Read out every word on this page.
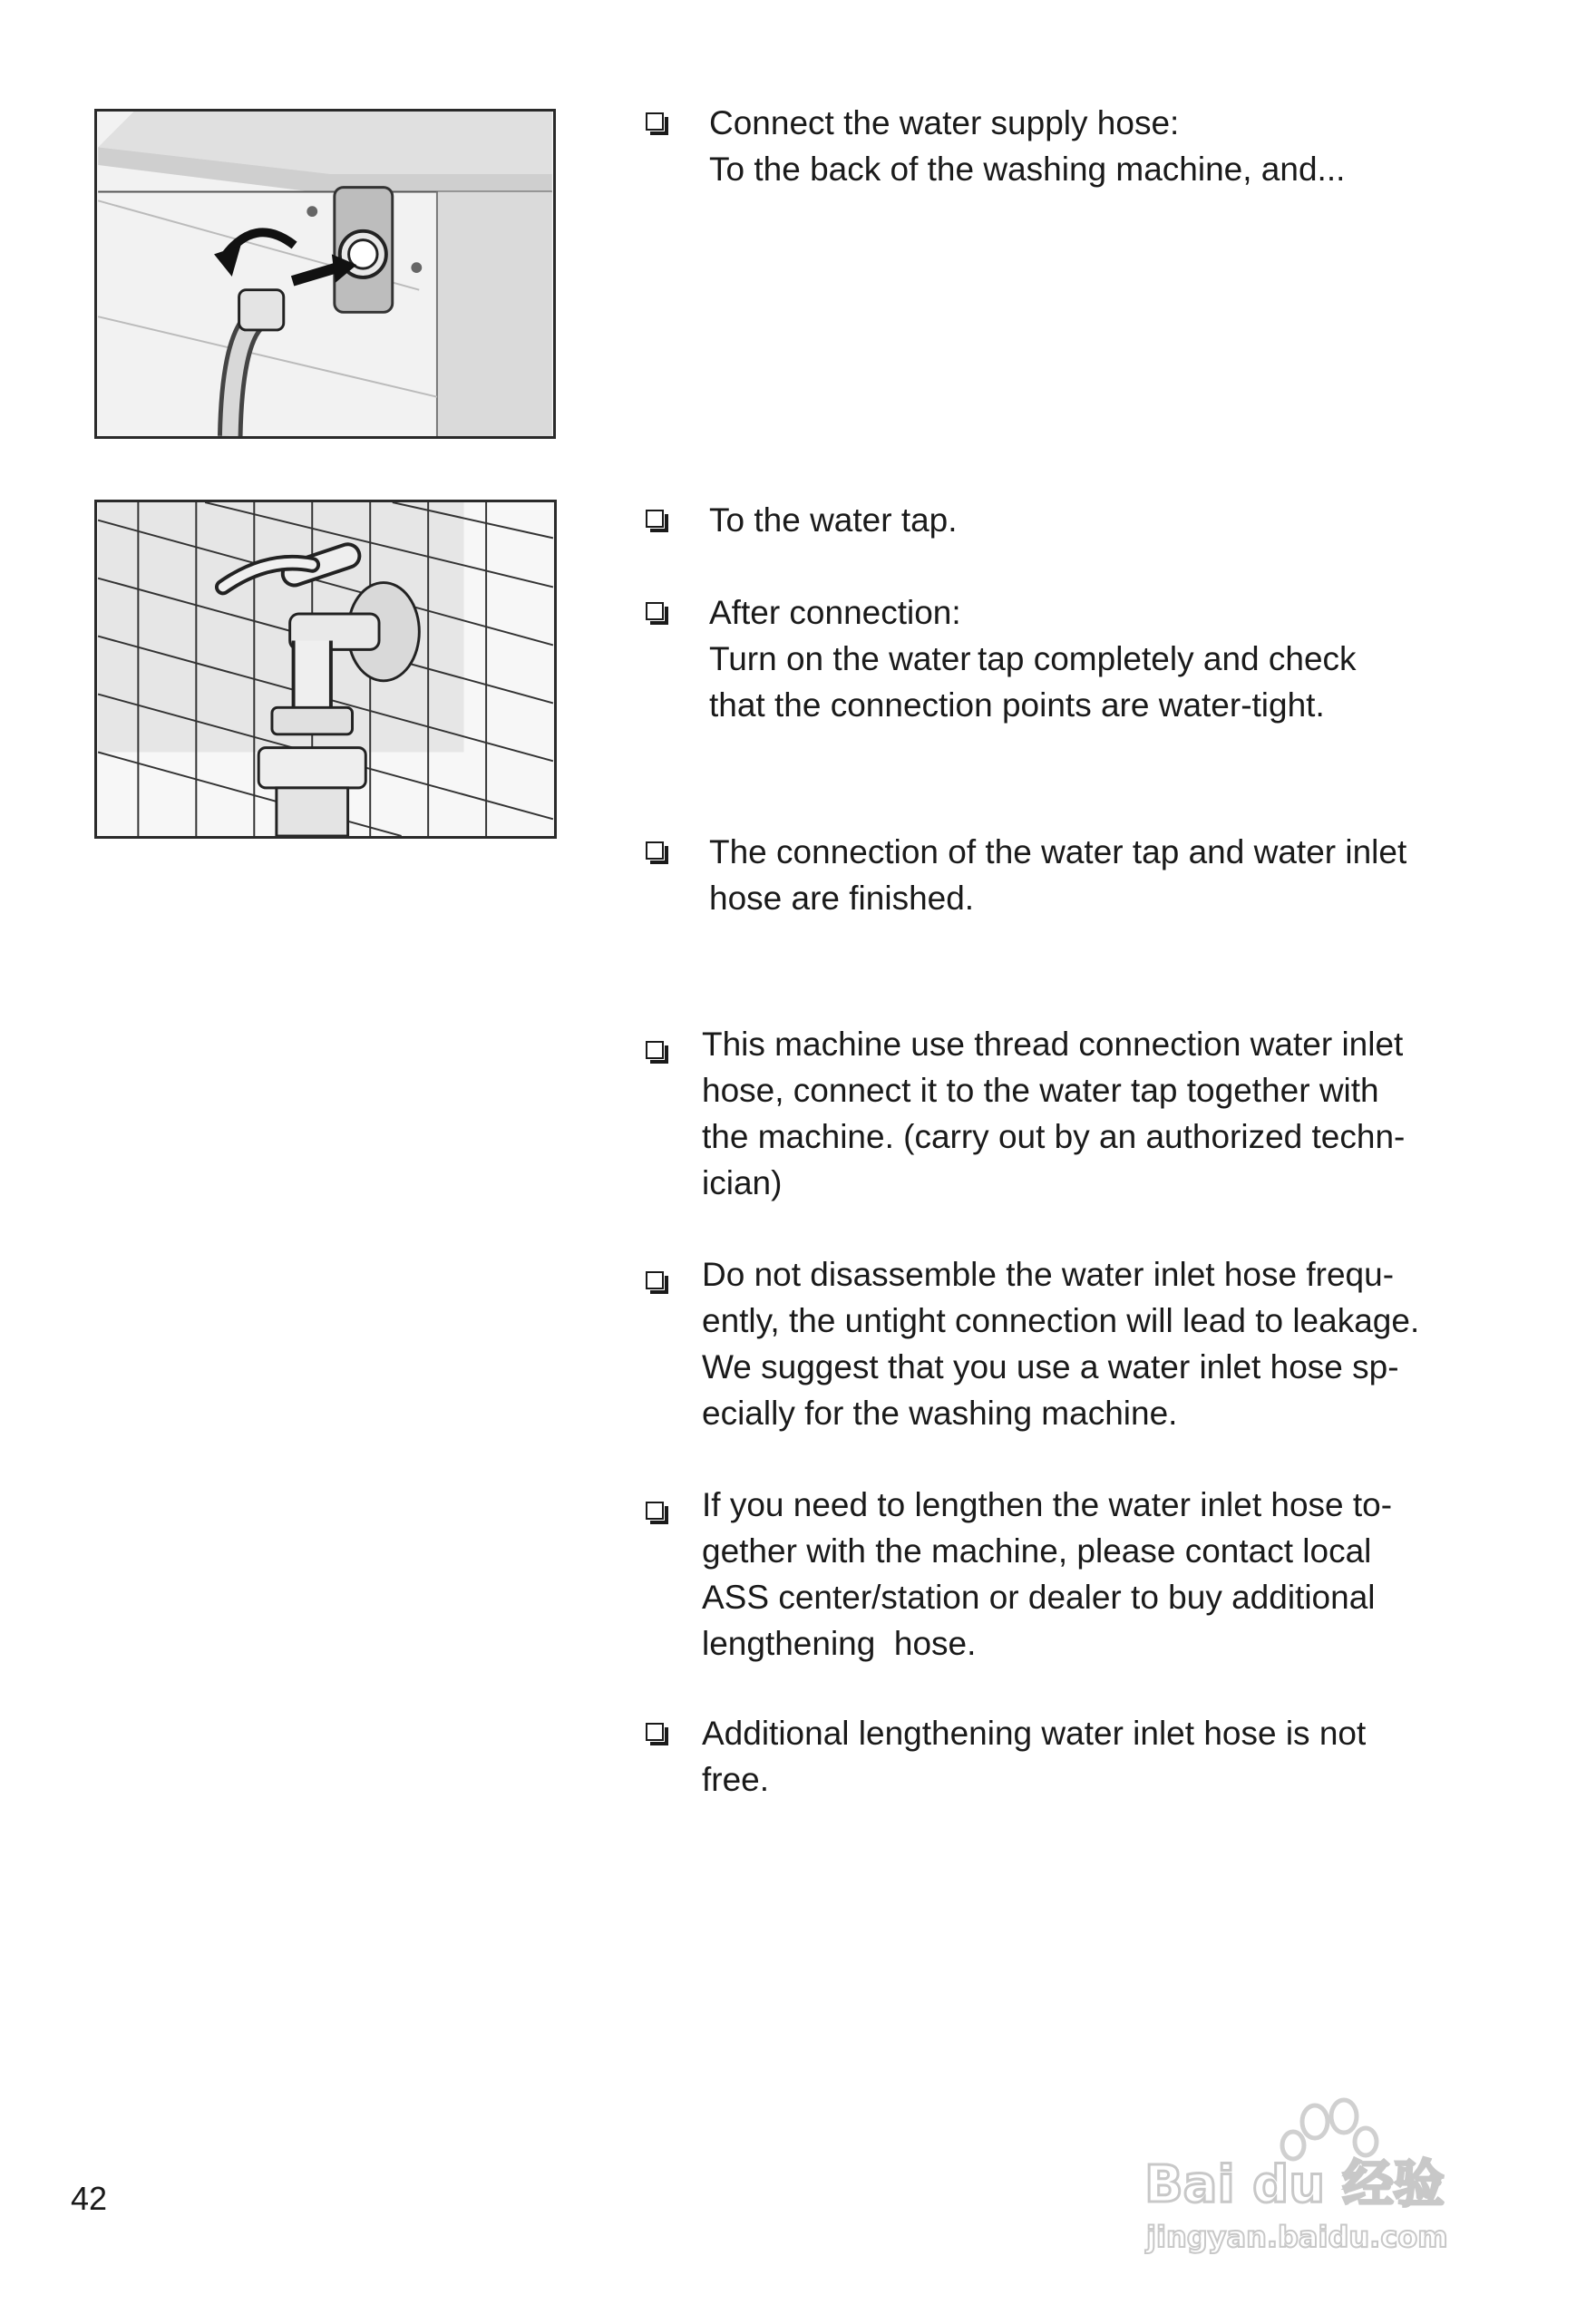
Connect the water supply hose:
To the back of the washing machine, and...
To the water tap.
After connection:
Turn on the water tap completely and check
that the connection points are water-tight.
The connection of the water tap and water inlet
hose are finished.
This machine use thread connection water inlet
hose, connect it to the water tap together with
the machine. (carry out by an authorized techn-
ician)
Do not disassemble the water inlet hose frequ-
ently, the untight connection will lead to leakage.
We suggest that you use a water inlet hose sp-
ecially for the washing machine.
If you need to lengthen the water inlet hose to-
gether with the machine, please contact local
ASS center/station or dealer to buy additional
lengthening  hose.
Additional lengthening water inlet hose is not
free.
42	Bai du 经验
jingyan.baidu.com
